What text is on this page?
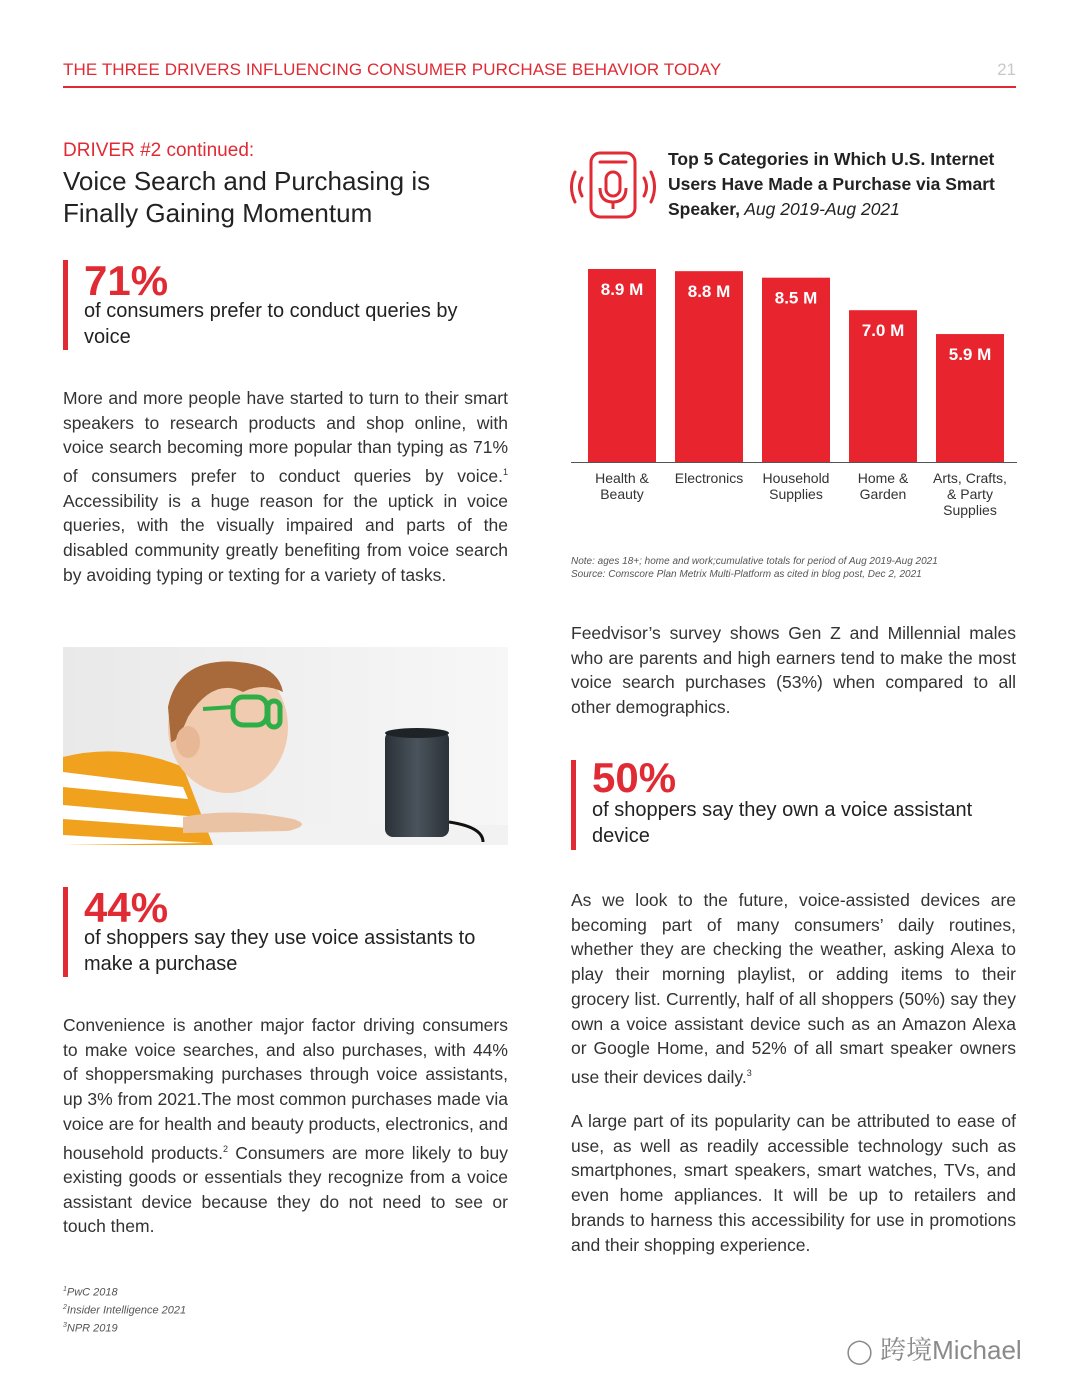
THE THREE DRIVERS INFLUENCING CONSUMER PURCHASE BEHAVIOR TODAY	21
DRIVER #2 continued:
Voice Search and Purchasing is Finally Gaining Momentum
71%
of consumers prefer to conduct queries by voice
More and more people have started to turn to their smart speakers to research products and shop online, with voice search becoming more popular than typing as 71% of consumers prefer to conduct queries by voice.$^1$ Accessibility is a huge reason for the uptick in voice queries, with the visually impaired and parts of the disabled community greatly benefiting from voice search by avoiding typing or texting for a variety of tasks.
44%
of shoppers say they use voice assistants to make a purchase
Convenience is another major factor driving consumers to make voice searches, and also purchases, with 44% of shoppersmaking purchases through voice assistants, up 3% from 2021.The most common purchases made via voice are for health and beauty products, electronics, and household products.$^2$ Consumers are more likely to buy existing goods or essentials they recognize from a voice assistant device because they do not need to see or touch them.
$^1$PwC 2018
$^2$Insider Intelligence 2021
$^3$NPR 2019
Top 5 Categories in Which U.S. Internet Users Have Made a Purchase via Smart Speaker, Aug 2019-Aug 2021
8.9 M
Health &
Beauty
8.8 M
Electronics
8.5 M
Household
Supplies
7.0 M
Home &
Garden
5.9 M
Arts, Crafts,
& Party
Supplies
Note: ages 18+; home and work;cumulative totals for period of Aug 2019-Aug 2021
Source: Comscore Plan Metrix Multi-Platform as cited in blog post, Dec 2, 2021
Feedvisor’s survey shows Gen Z and Millennial males who are parents and high earners tend to make the most voice search purchases (53%) when compared to all other demographics.
50%
of shoppers say they own a voice assistant device
As we look to the future, voice-assisted devices are becoming part of many consumers’ daily routines, whether they are checking the weather, asking Alexa to play their morning playlist, or adding items to their grocery list. Currently, half of all shoppers (50%) say they own a voice assistant device such as an Amazon Alexa or Google Home, and 52% of all smart speaker owners use their devices daily.$^3$
A large part of its popularity can be attributed to ease of use, as well as readily accessible technology such as smartphones, smart speakers, smart watches, TVs, and even home appliances. It will be up to retailers and brands to harness this accessibility for use in promotions and their shopping experience.
◯ 跨境Michael
